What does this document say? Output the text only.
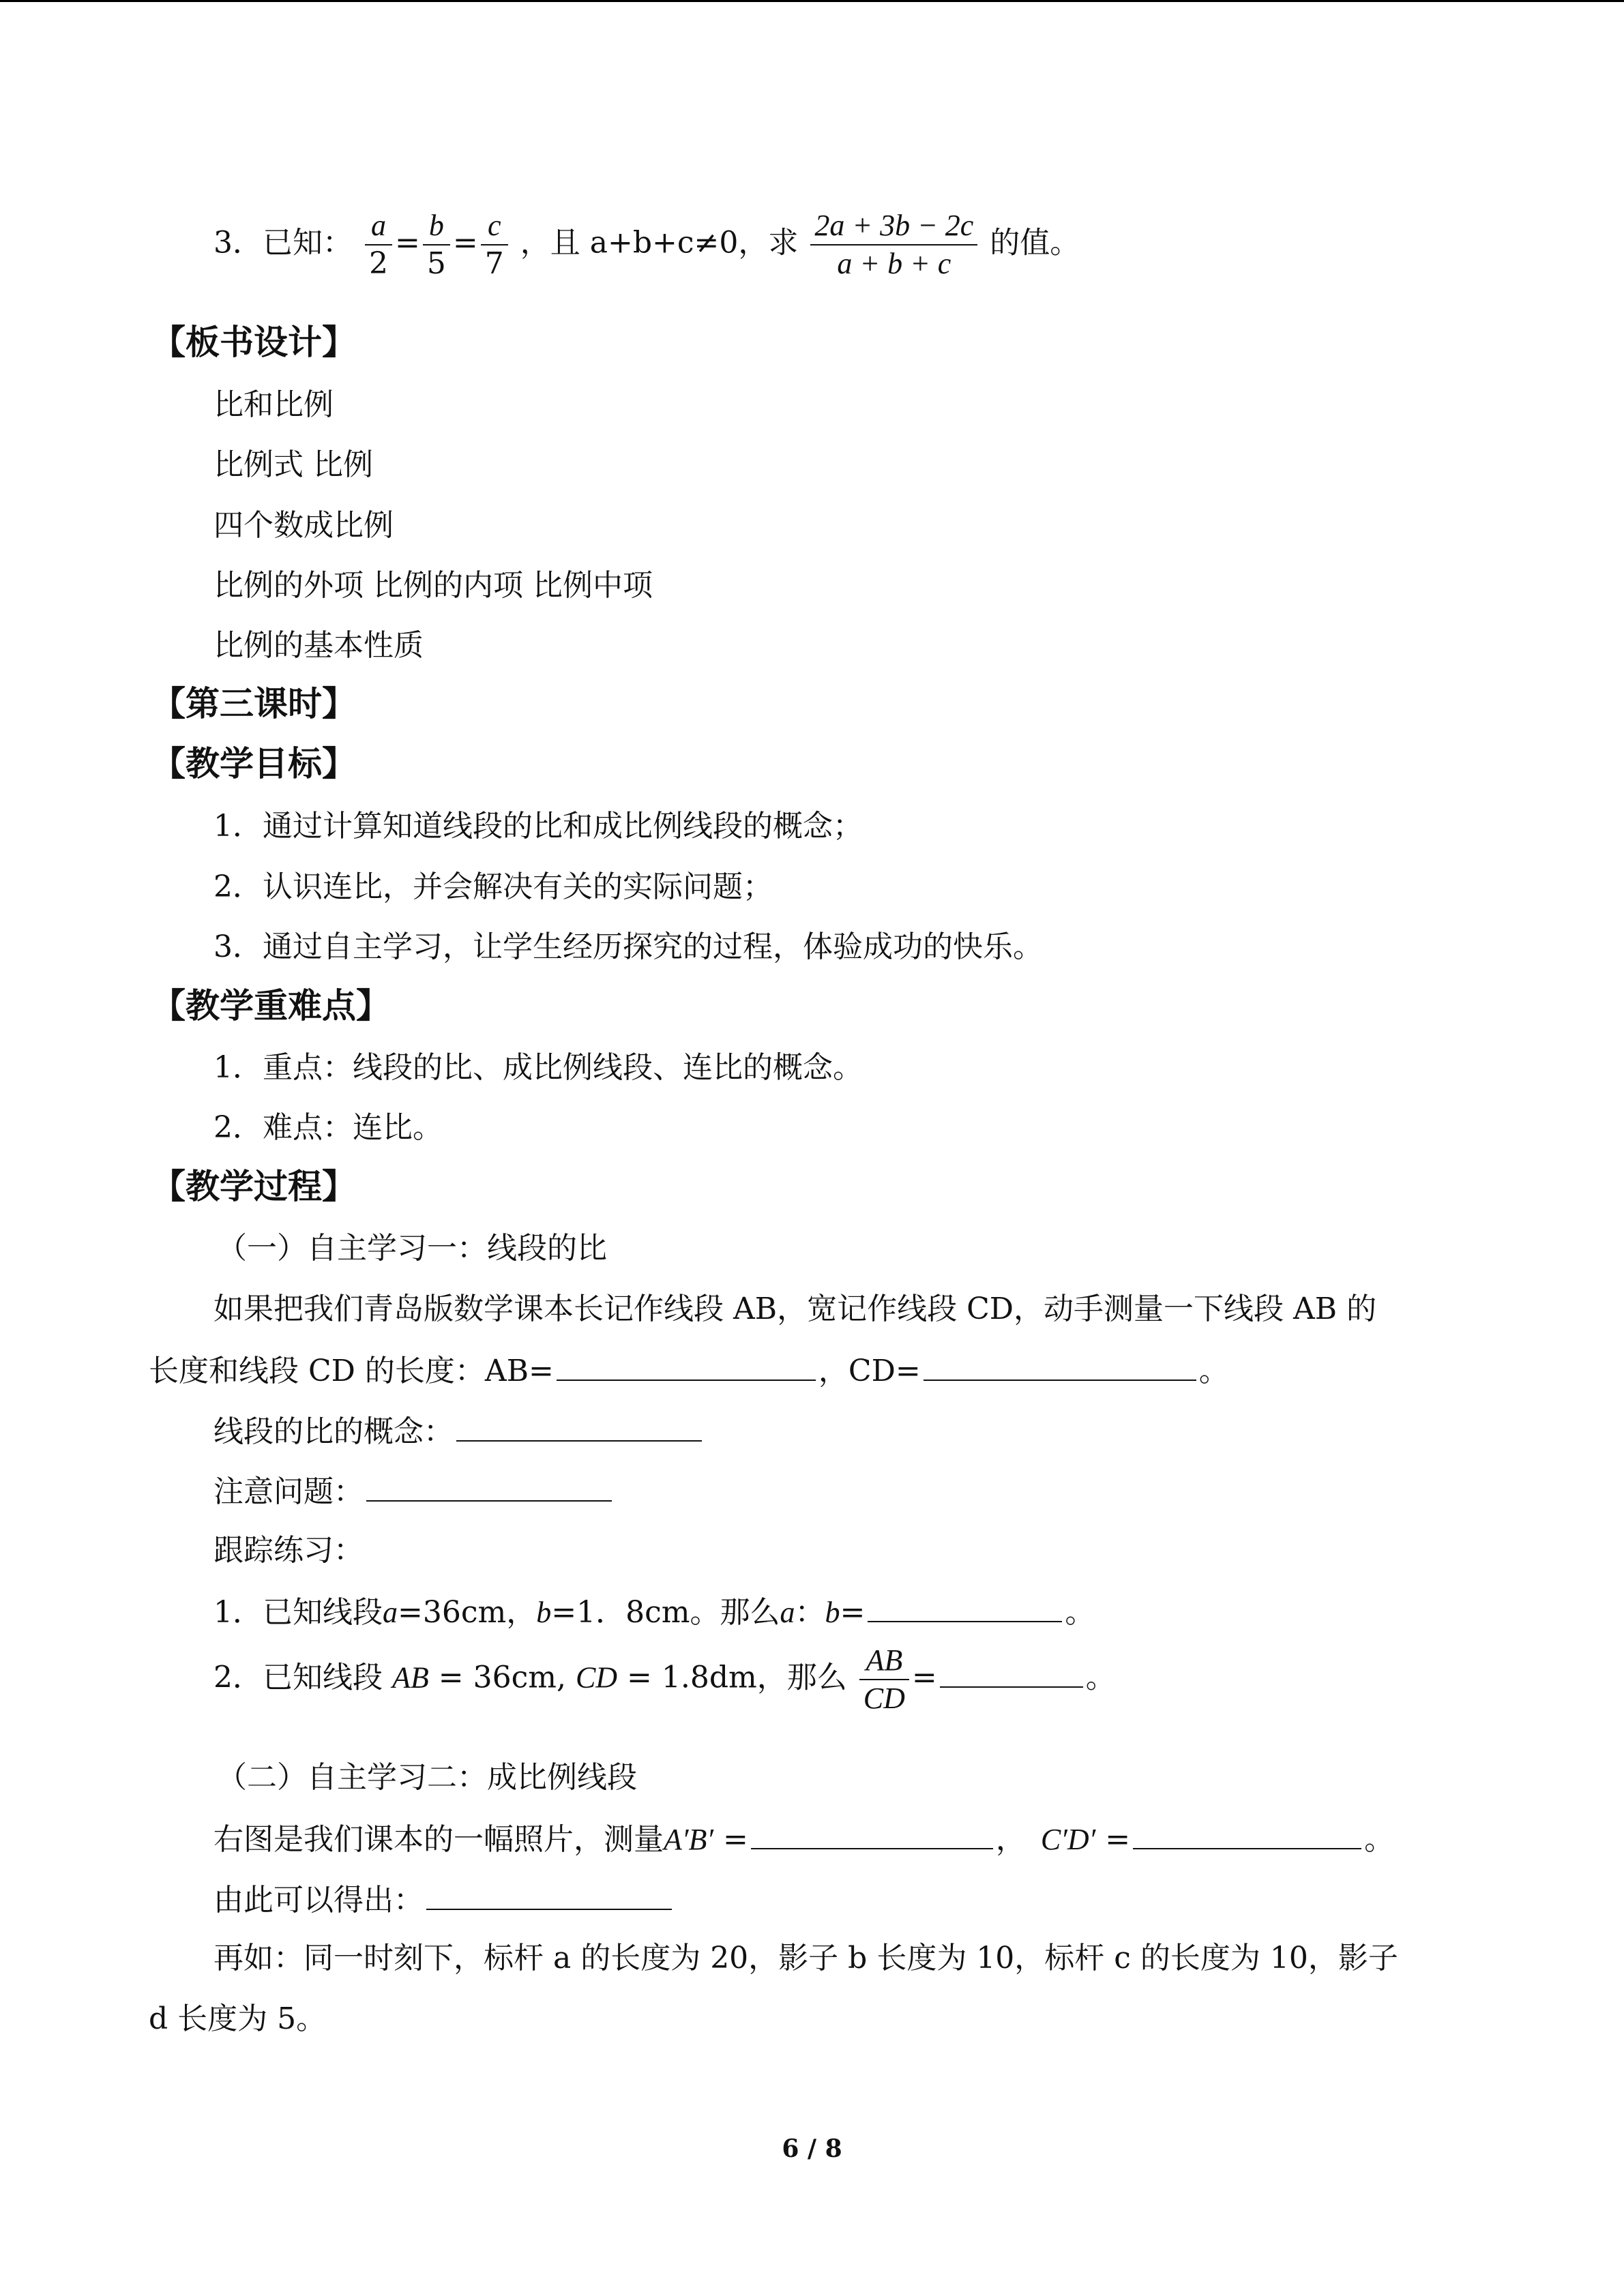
3．已知： $\frac{a}{2} = \frac{b}{5} = \frac{c}{7}$ ，且 a+b+c≠0，求 $\frac{2a + 3b - 2c}{a + b + c}$ 的值。
【板书设计】
比和比例
比例式 比例
四个数成比例
比例的外项 比例的内项 比例中项
比例的基本性质
【第三课时】
【教学目标】
1．通过计算知道线段的比和成比例线段的概念；
2．认识连比，并会解决有关的实际问题；
3．通过自主学习，让学生经历探究的过程，体验成功的快乐。
【教学重难点】
1．重点：线段的比、成比例线段、连比的概念。
2．难点：连比。
【教学过程】
（一）自主学习一：线段的比
如果把我们青岛版数学课本长记作线段 AB，宽记作线段 CD，动手测量一下线段 AB 的
长度和线段 CD 的长度：AB=	，CD=	。
线段的比的概念：
注意问题：
跟踪练习：
1．已知线段a=36cm，b=1．8cm。那么a：b=	。
2．已知线段 AB = 36cm, CD = 1.8dm，那么 $\frac{AB}{CD}$ =	。
（二）自主学习二：成比例线段
右图是我们课本的一幅照片，测量A′B′ =	， C′D′ =	。
由此可以得出：
再如：同一时刻下，标杆 a 的长度为 20，影子 b 长度为 10，标杆 c 的长度为 10，影子
d 长度为 5。
6 / 8
